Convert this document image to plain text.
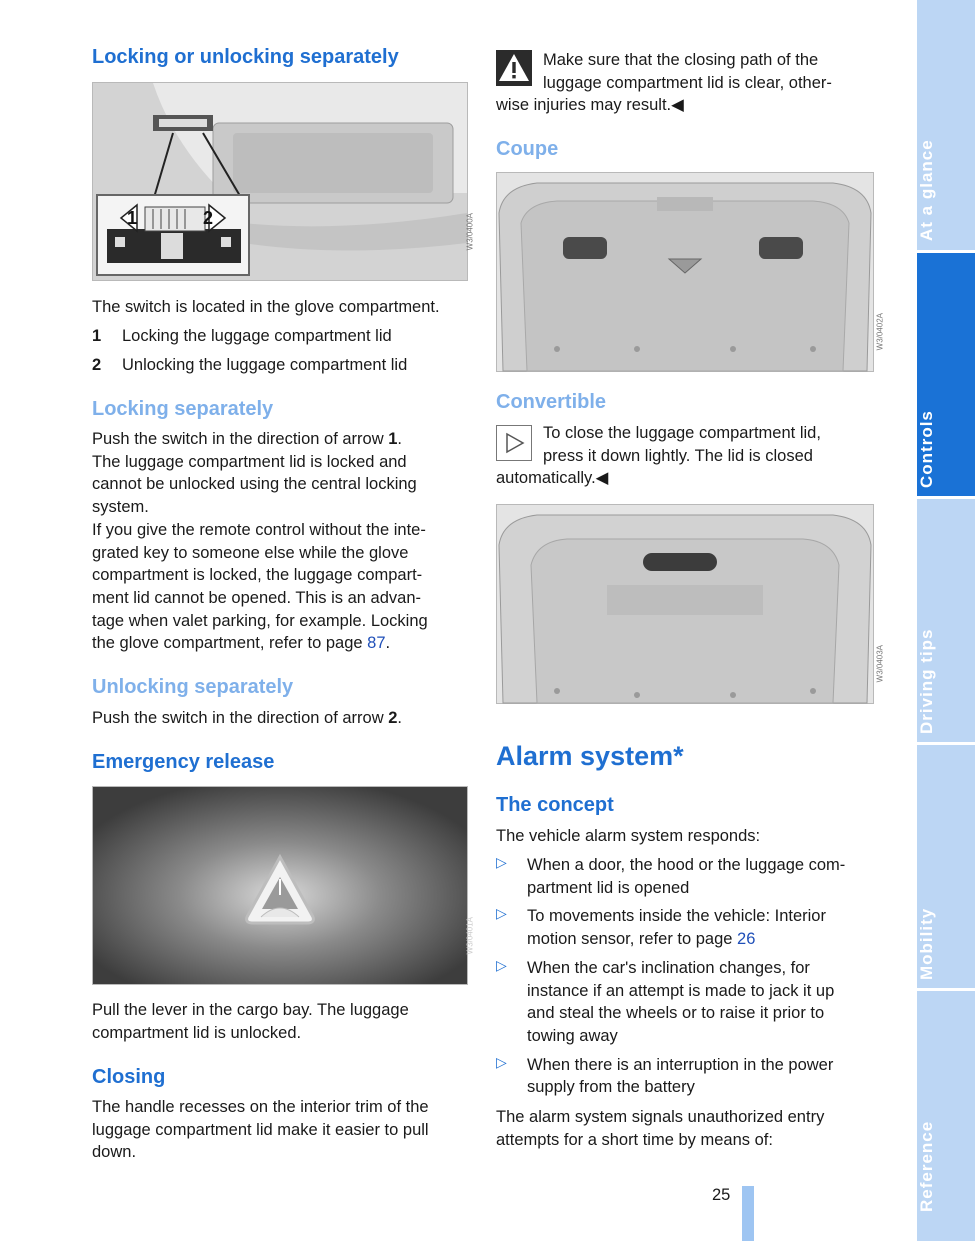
Locking or unlocking separately
1	2	W3/0400A

The switch is located in the glove compartment.

1 Locking the luggage compartment lid

2 Unlocking the luggage compartment lid

Locking separately

Push the switch in the direction of arrow 1.

The luggage compartment lid is locked and

cannot be unlocked using the central locking

system.

If you give the remote control without the inte-

grated key to someone else while the glove

compartment is locked, the luggage compart-

ment lid cannot be opened. This is an advan-

tage when valet parking, for example. Locking

the glove compartment, refer to page 87.

Unlocking separately

Push the switch in the direction of arrow 2.

Emergency release
W3/0401A

Pull the lever in the cargo bay. The luggage

compartment lid is unlocked.

Closing

The handle recesses on the interior trim of the

luggage compartment lid make it easier to pull

down.

Make sure that the closing path of the

luggage compartment lid is clear, other-

wise injuries may result.◀

Coupe
W3/0402A
Convertible

To close the luggage compartment lid,

press it down lightly. The lid is closed

automatically.◀

W3/0403A
Alarm system*
The concept

The vehicle alarm system responds:

▷	When a door, the hood or the luggage com-

partment lid is opened

▷	To movements inside the vehicle: Interior

motion sensor, refer to page 26

▷	When the car's inclination changes, for

instance if an attempt is made to jack it up

and steal the wheels or to raise it prior to

towing away

▷	When there is an interruption in the power

supply from the battery

The alarm system signals unauthorized entry

attempts for a short time by means of:

25

At a glance
Controls
Driving tips
Mobility
Reference
